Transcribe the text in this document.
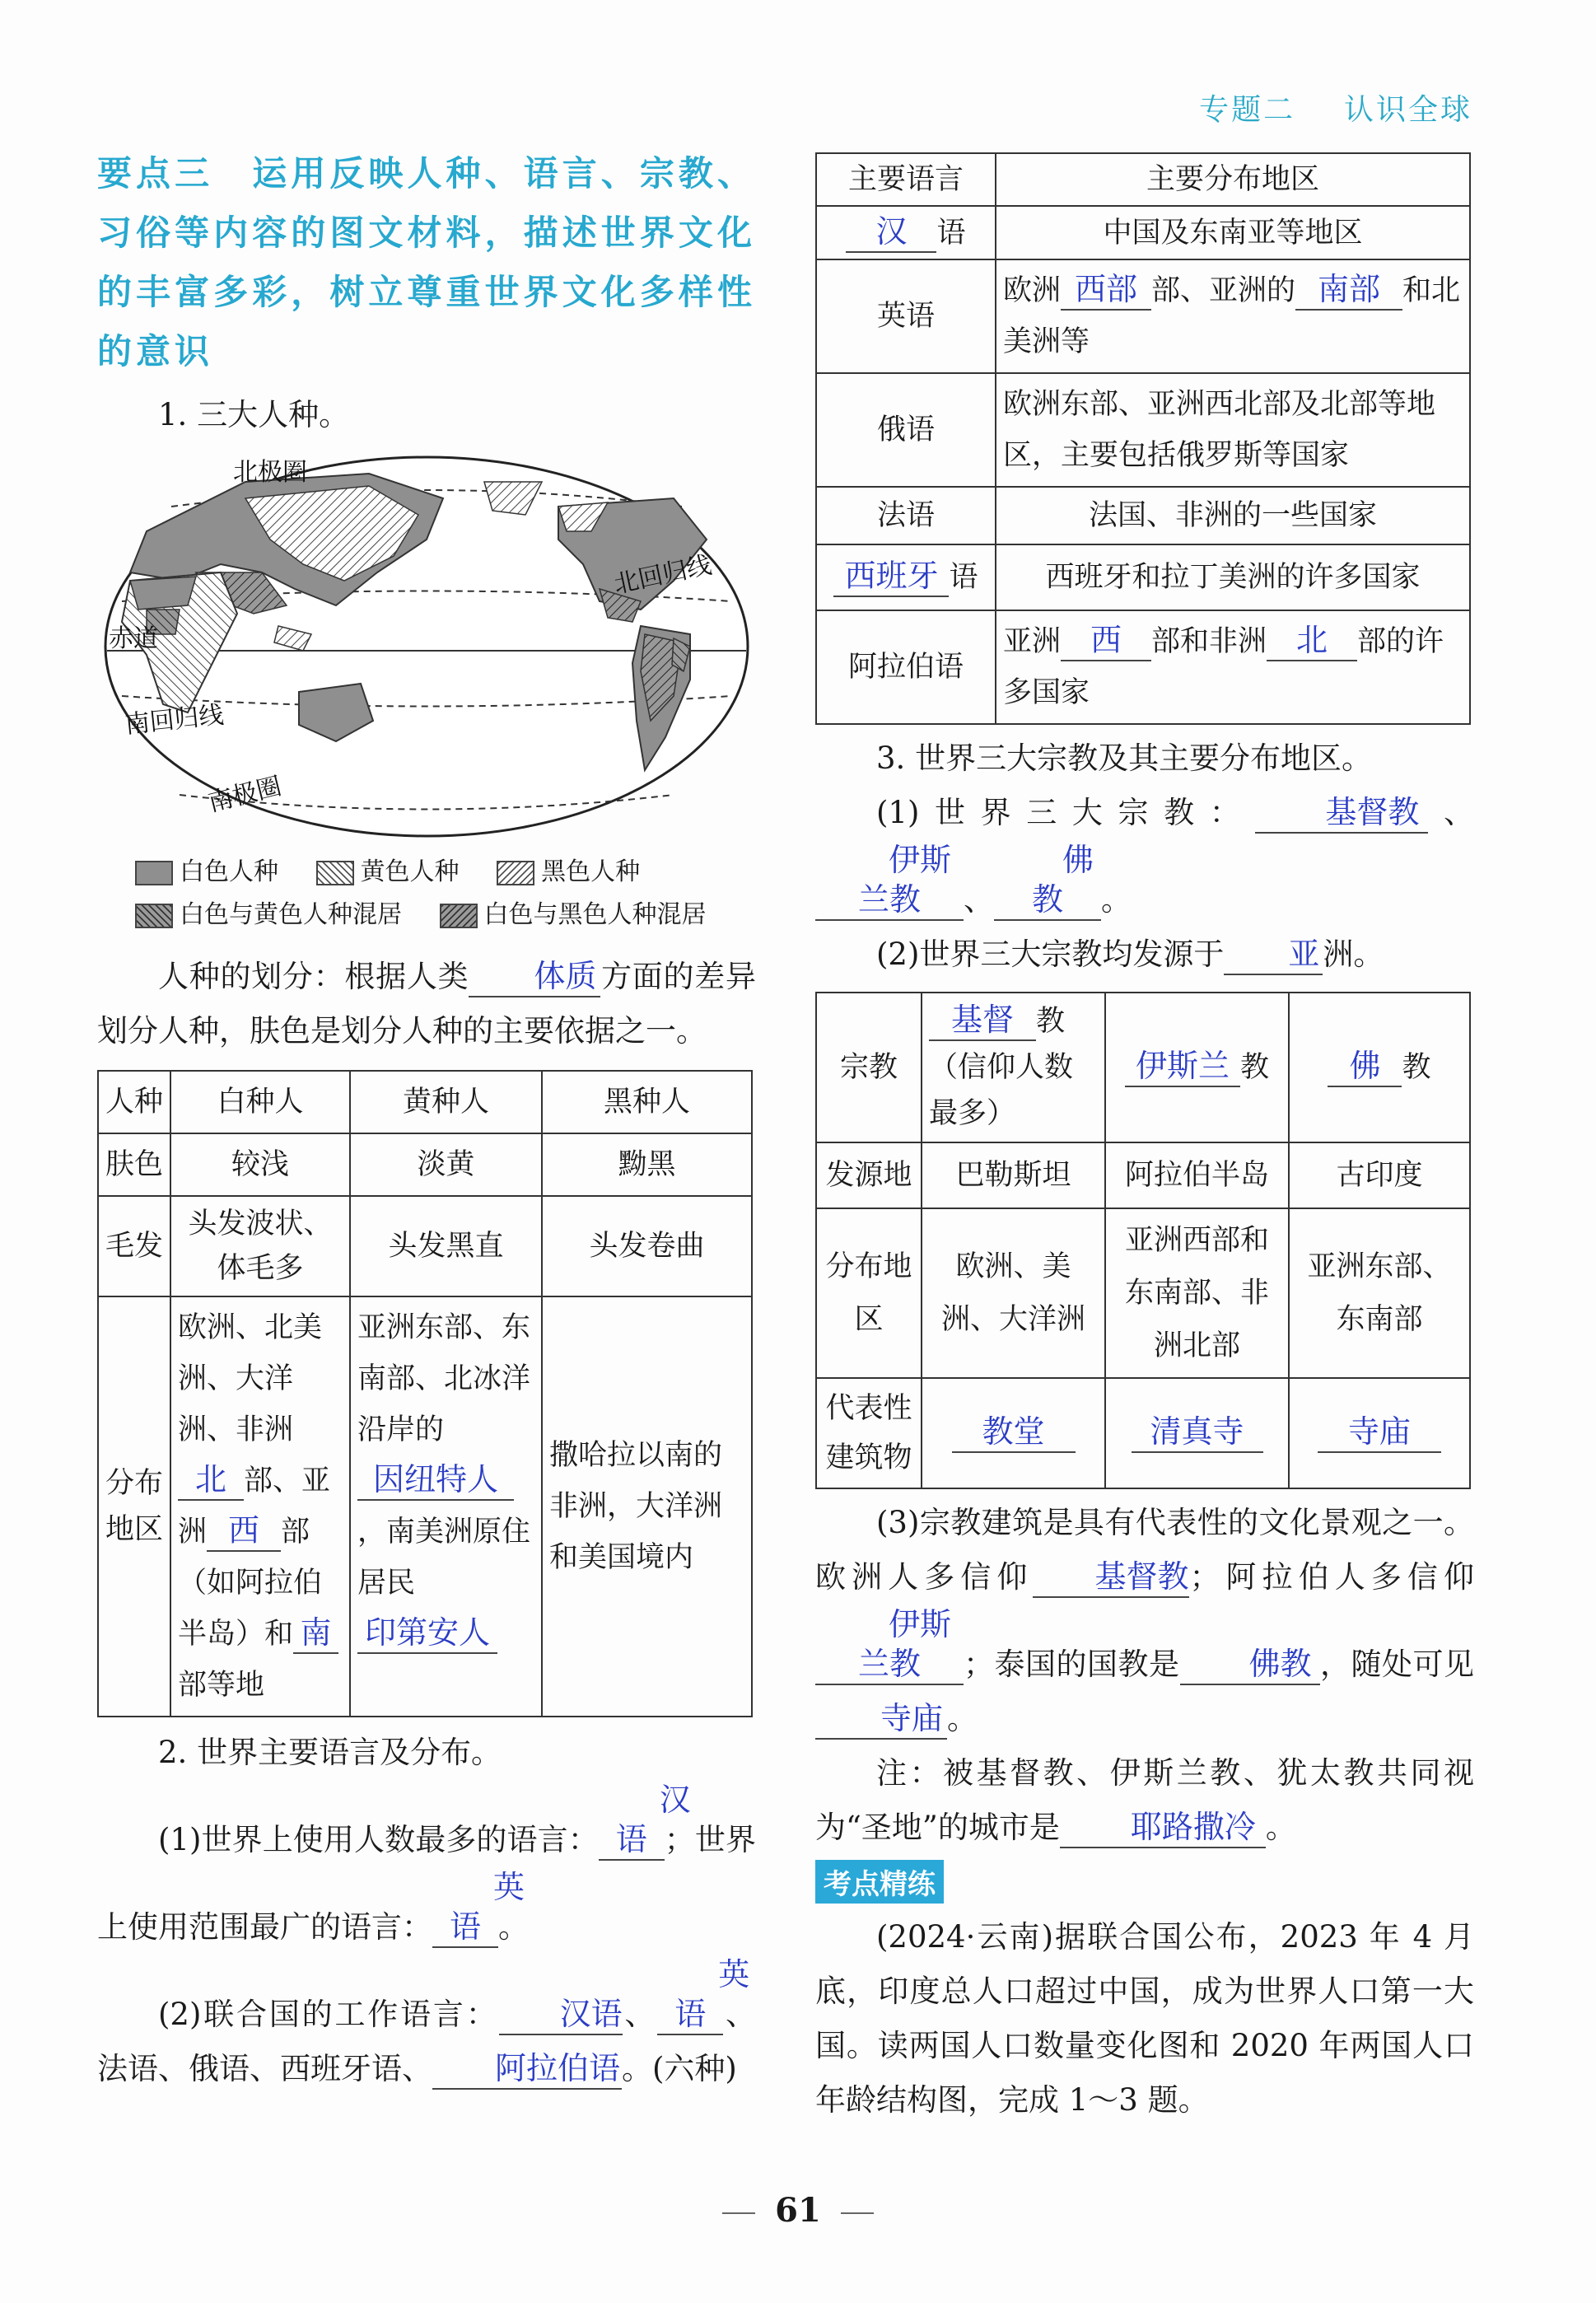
专题二 认识全球
要点三　运用反映人种、语言、宗教、习俗等内容的图文材料，描述世界文化的丰富多彩，树立尊重世界文化多样性的意识
1. 三大人种。
北极圈
北回归线
赤道
南回归线
南极圈
白色人种	黄色人种	黑色人种
白色与黄色人种混居	白色与黑色人种混居
人种的划分：根据人类 体质 方面的差异划分人种，肤色是划分人种的主要依据之一。
人种	白种人	黄种人	黑种人
肤色	较浅	淡黄	黝黑
毛发	头发波状、体毛多	头发黑直	头发卷曲
分布地区	欧洲、北美洲、大洋洲、非洲北 部、亚　洲 西 部（如阿拉伯半岛）和 南部等地	亚洲东部、东南部、北冰洋沿岸的因纽特人，南美洲原住居民印第安人	撒哈拉以南的非洲，大洋洲和美国境内
2. 世界主要语言及分布。
(1)世界上使用人数最多的语言：汉语 ；世界上使用范围最广的语言：英语 。
(2)联合国的工作语言： 汉语、英语 、法语、俄语、西班牙语、 阿拉伯语。(六种)
主要语言	主要分布地区
汉 语	中国及东南亚等地区
英语	欧洲 西部 部、亚洲的 南部 和北美洲等
俄语	欧洲东部、亚洲西北部及北部等地区，主要包括俄罗斯等国家
法语	法国、非洲的一些国家
西班牙 语	西班牙和拉丁美洲的许多国家
阿拉伯语	亚洲 西 部和非洲 北 部的许多国家
3. 世界三大宗教及其主要分布地区。
(1)世界三大宗教： 基督教 、伊斯兰教 、佛教 。
(2)世界三大宗教均发源于 亚 洲。
宗教	基督 教（信仰人数最多）	伊斯兰 教	佛 教
发源地	巴勒斯坦	阿拉伯半岛	古印度
分布地区	欧洲、美洲、大洋洲	亚洲西部和东南部、非洲北部	亚洲东部、东南部
代表性建筑物	教堂	清真寺	寺庙
(3)宗教建筑是具有代表性的文化景观之一。欧洲人多信仰 基督教；阿拉伯人多信仰伊斯兰教 ；泰国的国教是 佛教 ，随处可见寺庙 。
注：被基督教、伊斯兰教、犹太教共同视为“圣地”的城市是 耶路撒冷 。
考点精练
(2024·云南)据联合国公布，2023 年 4 月底，印度总人口超过中国，成为世界人口第一大国。读两国人口数量变化图和 2020 年两国人口年龄结构图，完成 1～3 题。
61
